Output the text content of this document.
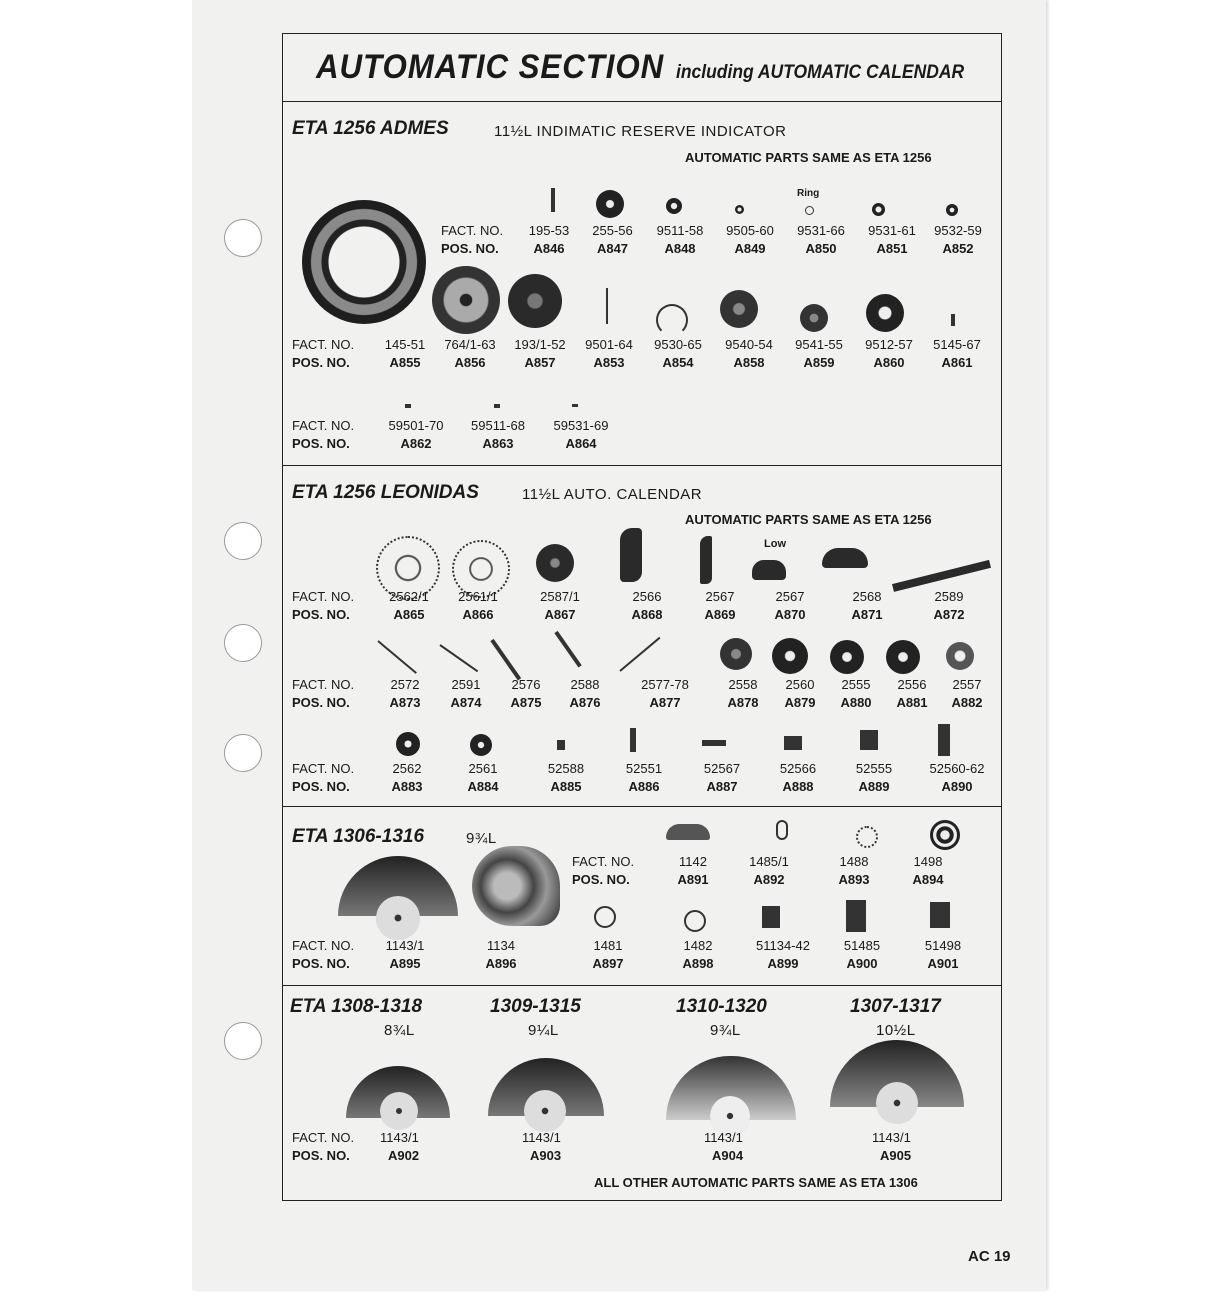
AUTOMATIC SECTION including AUTOMATIC CALENDAR
ETA 1256 ADMES	11½L INDIMATIC RESERVE INDICATOR
AUTOMATIC PARTS SAME AS ETA 1256
Ring
FACT. NO.
POS. NO.
195-53	255-56	9511-58	9505-60	9531-66	9531-61	9532-59
A846	A847	A848	A849	A850	A851	A852
FACT. NO.
POS. NO.
145-51	764/1-63	193/1-52	9501-64	9530-65	9540-54	9541-55	9512-57	5145-67
A855	A856	A857	A853	A854	A858	A859	A860	A861
FACT. NO.
POS. NO.
59501-70	59511-68	59531-69
A862	A863	A864
ETA 1256 LEONIDAS	11½L AUTO. CALENDAR
AUTOMATIC PARTS SAME AS ETA 1256
Low
FACT. NO.
POS. NO.
2562/1	2561/1	2587/1	2566	2567	2567	2568	2589
A865	A866	A867	A868	A869	A870	A871	A872
FACT. NO.
POS. NO.
2572	2591	2576	2588	2577-78	2558	2560	2555	2556	2557
A873	A874	A875	A876	A877	A878	A879	A880	A881	A882
FACT. NO.
POS. NO.
2562	2561	52588	52551	52567	52566	52555	52560-62
A883	A884	A885	A886	A887	A888	A889	A890
ETA 1306-1316	9¾L
FACT. NO.
POS. NO.
1142	1485/1	1488	1498
A891	A892	A893	A894
FACT. NO.
POS. NO.
1143/1	1134	1481	1482	51134-42	51485	51498
A895	A896	A897	A898	A899	A900	A901
ETA 1308-1318	1309-1315	1310-1320	1307-1317
8¾L	9¼L	9¾L	10½L
FACT. NO.
POS. NO.
1143/1	1143/1	1143/1	1143/1
A902	A903	A904	A905
ALL OTHER AUTOMATIC PARTS SAME AS ETA 1306
AC 19
